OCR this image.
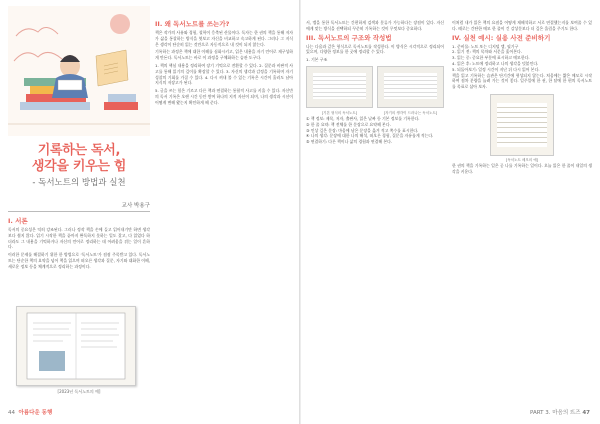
기록하는 독서,
생각을 키우는 힘
- 독서노트의 방법과 실천
교사 박용구
I. 서론

독서의 중요성은 익히 강조된다. 그러나 정작 책을 손에 들고 읽어내기만 하면 생각보다 쉽지 않다. 읽기 시작한 책을 끝까지 완독하지 못하는 일도 잦고, 다 읽었다 하더라도 그 내용을 기억하거나 자신의 언어로 정리하는 데 어려움을 겪는 일이 흔하다.

이러한 문제를 해결하기 위한 한 방법으로 ‘독서노트’가 점점 주목받고 있다. 독서노트는 단순한 책의 요약을 넘어 책을 읽으며 떠오른 생각과 질문, 자기와 대화한 이해, 새로운 정보 등을 체계적으로 정리하는 과정이다.

[2023년 독서노트의 예]
II. 왜 독서노트를 쓰는가?

책은 작가의 사유와 경험, 철학이 응축된 산물이다. 독자는 한 권의 책을 통해 저자가 삶을 통찰하는 방식을 엿보고 자신을 비교하고 숙고하게 된다. 그러나 그 지식은 생각이 단순히 읽는 것만으로 자동적으로 내 것이 되지 않는다.

기록하는 과정은 책에 대한 이해를 심화시키고, 읽은 내용을 자기 언어로 재구성하게 만든다. 독서노트는 바로 이 과정을 구체화하는 습관 도구다.

1. 책의 핵심 내용을 정리하여 장기 기억으로 전환할 수 있다. 2. 질문과 비판적 사고를 통해 읽기의 깊이를 확장할 수 있다. 3. 자신의 생각과 감정을 기록하며 자기 성찰의 기회를 가질 수 있다. 4. 다시 꺼내 볼 수 있는 기록은 시간이 흘러도 남아 지식의 저장고가 된다.

5. 글을 쓰는 힘은 기르고 다른 책과 연결하는 통합적 사고를 키울 수 있다. 자신만의 독서 기록은 오랜 시간 동안 쌓여 하나의 지적 자산이 되며, 나의 생각과 시선이 어떻게 변해 왔는지 확인하게 해 준다.

44 아름다운 동행

서, 앱을 통한 독서노트는 간편하게 검색과 분류가 가능하다는 장점이 있다. 자신에게 맞는 방식을 선택하되 꾸준히 기록하는 것이 무엇보다 중요하다.

III. 독서노트의 구조와 작성법

나는 다음과 같은 형식으로 독서노트를 작성한다. 이 방식은 시각적으로 정리되어 있으며, 다양한 정보를 한 곳에 정리할 수 있다.

1. 기본 구조

[기본 형식의 독서노트]	[자기의 생각이 드러나는 독서노트]

① 책 정보: 제목, 저자, 출판사, 읽은 날짜 등 기본 정보를 기록한다.

② 한 줄 요약: 책 전체를 한 문장으로 요약해 본다.

③ 인상 깊은 문장: 마음에 남은 문장을 옮겨 적고 쪽수를 표시한다.

④ 나의 생각: 문장에 대한 나의 해석, 떠오른 경험, 질문을 자유롭게 적는다.

⑤ 연결하기: 다른 책이나 삶의 경험과 연결해 본다.

이처럼 내가 읽은 책의 요점을 어떻게 재해석하고 서로 연결했는지를 보여줄 수 있다. 때로는 간단한 메모 한 줄이 긴 감상문보다 더 깊은 울림을 주기도 한다.

IV. 실천 예시: 실용 사전 준비하기

1. 준비물: 노트 또는 디지털 앱, 필기구

2. 읽기 전: 책의 목차와 서문을 훑어본다.

3. 읽는 중: 중요한 부분에 표시하고 메모한다.

4. 읽은 후: 노트에 정리하고 나의 생각을 덧붙인다.

5. 되돌아보기: 일정 시간이 지난 뒤 다시 읽어 본다.

책을 읽고 기록하는 습관은 단기간에 형성되지 않는다. 처음에는 짧은 메모로 시작하여 점차 분량을 늘려 가는 것이 좋다. 일주일에 한 권, 한 달에 한 편의 독서노트를 목표로 삼아 보자.

[독서노트 메모의 예]

한 권의 책을 기록하는 일은 곧 나를 기록하는 일이다. 오늘 읽은 한 줄이 내일의 생각을 키운다.

PART 3. 마음의 뜨즈 47
